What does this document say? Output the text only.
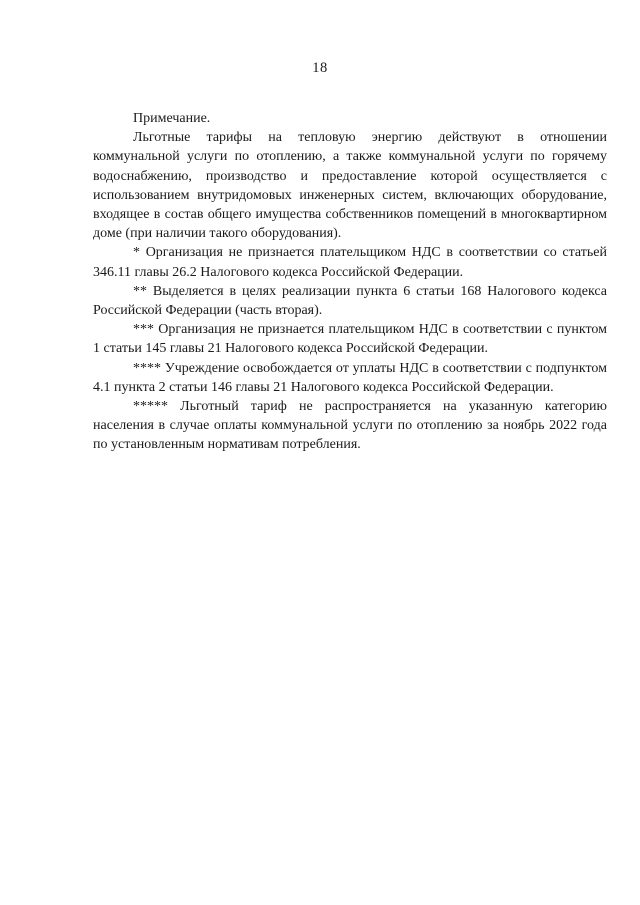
18

Примечание.

Льготные тарифы на тепловую энергию действуют в отношении коммунальной услуги по отоплению, а также коммунальной услуги по горячему водоснабжению, производство и предоставление которой осуществляется с использованием внутридомовых инженерных систем, включающих оборудование, входящее в состав общего имущества собственников помещений в многоквартирном доме (при наличии такого оборудования).

* Организация не признается плательщиком НДС в соответствии со статьей 346.11 главы 26.2 Налогового кодекса Российской Федерации.

** Выделяется в целях реализации пункта 6 статьи 168 Налогового кодекса Российской Федерации (часть вторая).

*** Организация не признается плательщиком НДС в соответствии с пунктом 1 статьи 145 главы 21 Налогового кодекса Российской Федерации.

**** Учреждение освобождается от уплаты НДС в соответствии с подпунктом 4.1 пункта 2 статьи 146 главы 21 Налогового кодекса Российской Федерации.

***** Льготный тариф не распространяется на указанную категорию населения в случае оплаты коммунальной услуги по отоплению за ноябрь 2022 года по установленным нормативам потребления.
